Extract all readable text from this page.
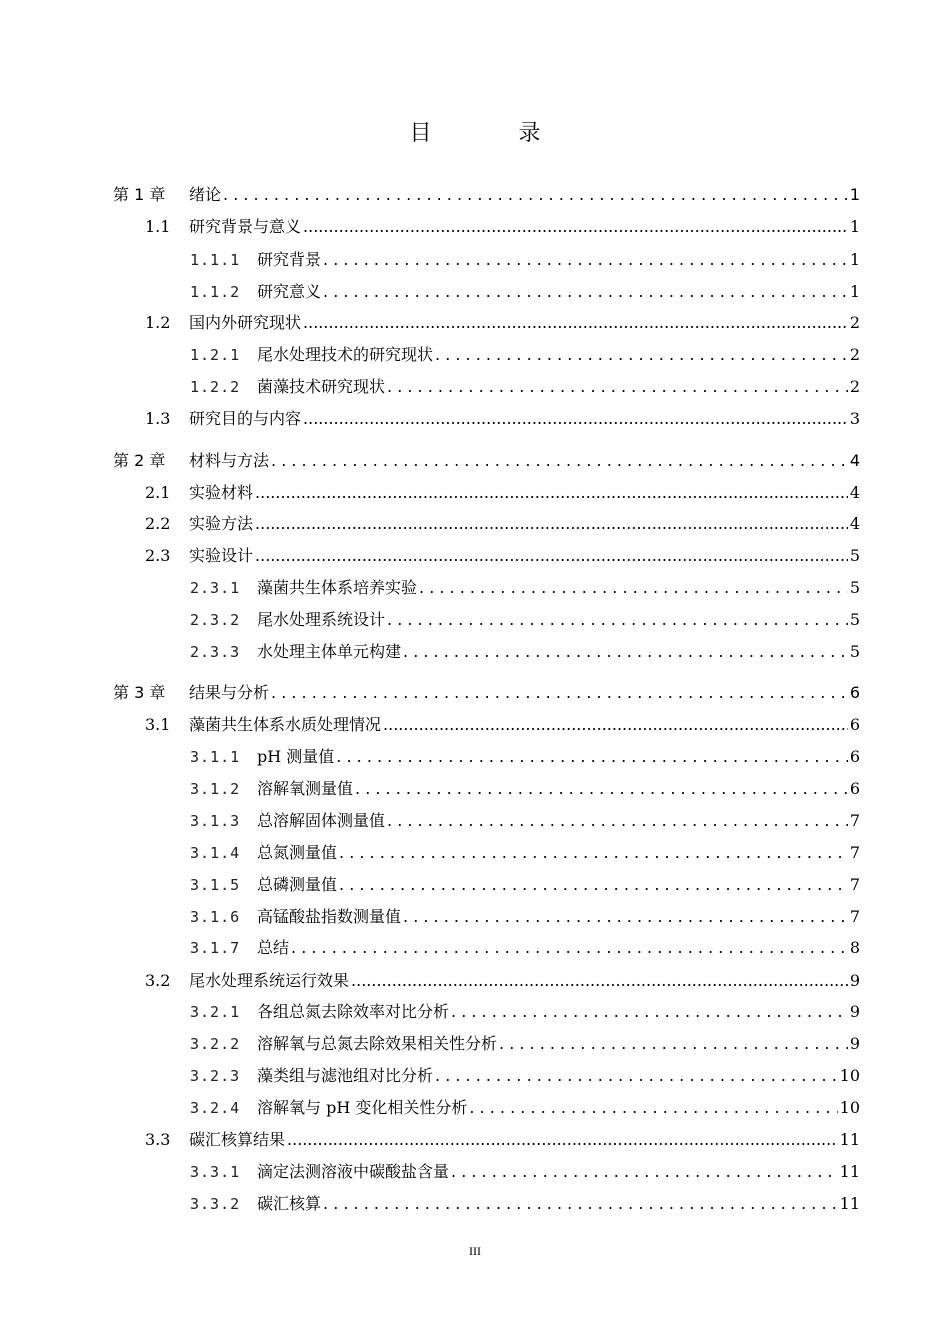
目 录
第 1 章	绪论 . . .	1
1.1	研究背景与意义 .....	1
1.1.1	研究背景 . . .	1
1.1.2	研究意义 . . .	1
1.2	国内外研究现状 .....	2
1.2.1	尾水处理技术的研究现状 . . .	2
1.2.2	菌藻技术研究现状 . . .	2
1.3	研究目的与内容 .....	3
第 2 章	材料与方法 . . .	4
2.1	实验材料 .....	4
2.2	实验方法 .....	4
2.3	实验设计 .....	5
2.3.1	藻菌共生体系培养实验 . . .	5
2.3.2	尾水处理系统设计 . . .	5
2.3.3	水处理主体单元构建 . . .	5
第 3 章	结果与分析 . . .	6
3.1	藻菌共生体系水质处理情况 .....	6
3.1.1	pH 测量值 . . .	6
3.1.2	溶解氧测量值 . . .	6
3.1.3	总溶解固体测量值 . . .	7
3.1.4	总氮测量值 . . .	7
3.1.5	总磷测量值 . . .	7
3.1.6	高锰酸盐指数测量值 . . .	7
3.1.7	总结 . . .	8
3.2	尾水处理系统运行效果 .....	9
3.2.1	各组总氮去除效率对比分析 . . .	9
3.2.2	溶解氧与总氮去除效果相关性分析 . . .	9
3.2.3	藻类组与滤池组对比分析 . . .	10
3.2.4	溶解氧与 pH 变化相关性分析 . . .	10
3.3	碳汇核算结果 .....	11
3.3.1	滴定法测溶液中碳酸盐含量 . . .	11
3.3.2	碳汇核算 . . .	11
III
